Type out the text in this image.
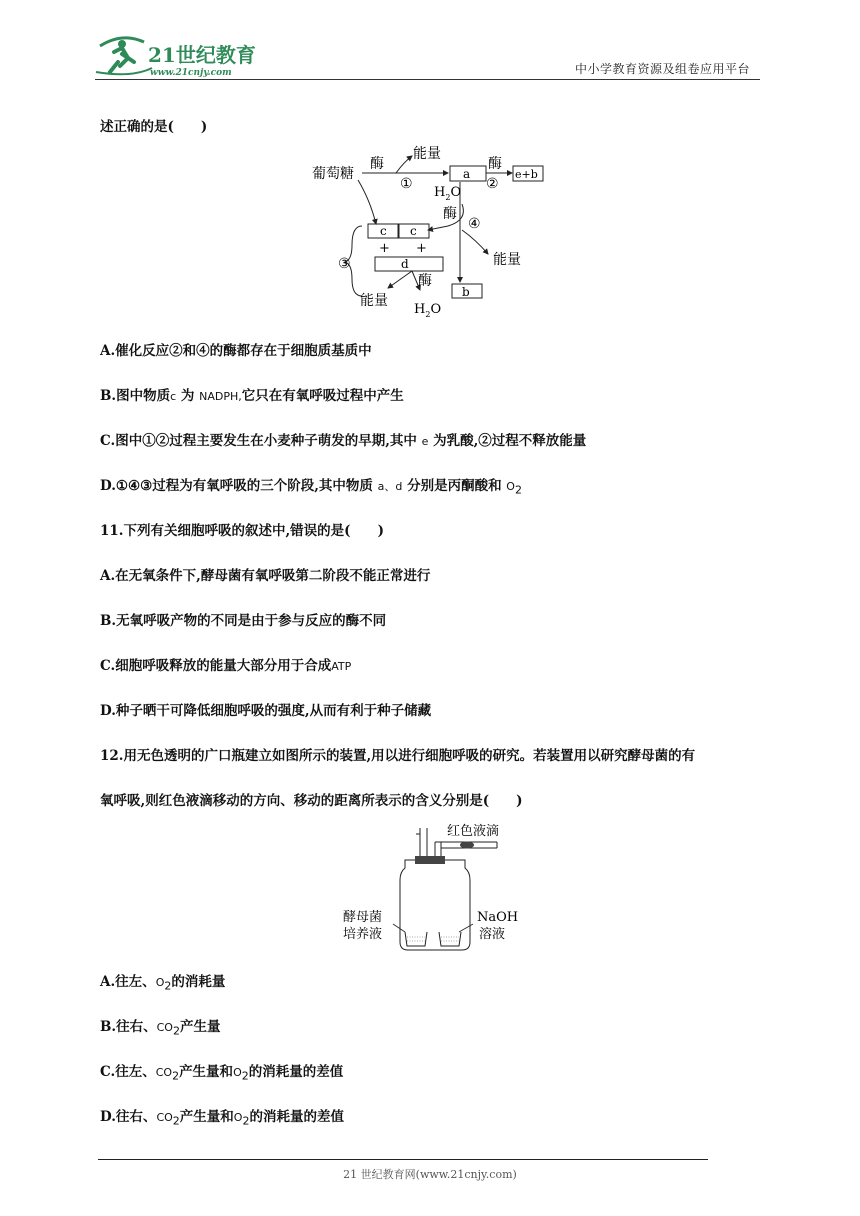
21世纪教育
www.21cnjy.com	中小学教育资源及组卷应用平台
述正确的是(　　)
葡萄糖
酶
能量
①
a
酶
②
e+b
$H_2O$
酶
④
c c
+ +
能量
③	d
酶
能量
b
$H_2O$
A.催化反应②和④的酶都存在于细胞质基质中
B.图中物质c 为 NADPH,它只在有氧呼吸过程中产生
C.图中①②过程主要发生在小麦种子萌发的早期,其中 e 为乳酸,②过程不释放能量
D.①④③过程为有氧呼吸的三个阶段,其中物质 a、d 分别是丙酮酸和 $O_2$
11.下列有关细胞呼吸的叙述中,错误的是(　　)
A.在无氧条件下,酵母菌有氧呼吸第二阶段不能正常进行
B.无氧呼吸产物的不同是由于参与反应的酶不同
C.细胞呼吸释放的能量大部分用于合成ATP
D.种子晒干可降低细胞呼吸的强度,从而有利于种子储藏
12.用无色透明的广口瓶建立如图所示的装置,用以进行细胞呼吸的研究。若装置用以研究酵母菌的有
氧呼吸,则红色液滴移动的方向、移动的距离所表示的含义分别是(　　)
红色液滴
酵母菌
培养液
NaOH
溶液
A.往左、$O_2$的消耗量
B.往右、$CO_2$产生量
C.往左、$CO_2$产生量和$O_2$的消耗量的差值
D.往右、$CO_2$产生量和$O_2$的消耗量的差值
21 世纪教育网(www.21cnjy.com)
